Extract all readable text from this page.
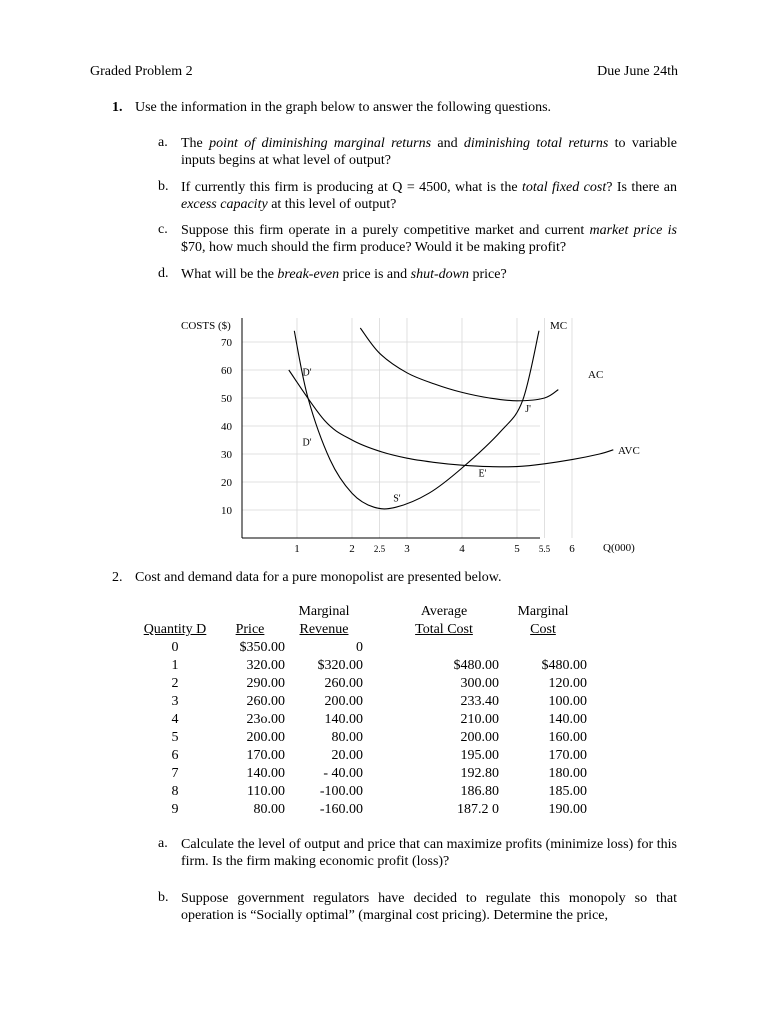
Graded Problem 2	Due June 24th
1. Use the information in the graph below to answer the following questions.
a. The point of diminishing marginal returns and diminishing total returns to variable inputs begins at what level of output?
b. If currently this firm is producing at Q = 4500, what is the total fixed cost? Is there an excess capacity at this level of output?
c. Suppose this firm operate in a purely competitive market and current market price is $70, how much should the firm produce? Would it be making profit?
d. What will be the break-even price is and shut-down price?
70
60
50
40
30
20
10
1	2 2.5 3	4	5 5.5 6
COSTS ($)
Q(000)
MC
AC
AVC
D'
D'
S'
E'
J'
2. Cost and demand data for a pure monopolist are presented below.
		Marginal	Average	Marginal
Quantity D	Price	Revenue	Total Cost	Cost
0	$350.00	0		
1	320.00	$320.00	$480.00	$480.00
2	290.00	260.00	300.00	120.00
3	260.00	200.00	233.40	100.00
4	23o.00	140.00	210.00	140.00
5	200.00	80.00	200.00	160.00
6	170.00	20.00	195.00	170.00
7	140.00	- 40.00	192.80	180.00
8	110.00	-100.00	186.80	185.00
9	80.00	-160.00	187.2 0	190.00
a. Calculate the level of output and price that can maximize profits (minimize loss) for this firm. Is the firm making economic profit (loss)?
b. Suppose government regulators have decided to regulate this monopoly so that operation is “Socially optimal” (marginal cost pricing). Determine the price,
